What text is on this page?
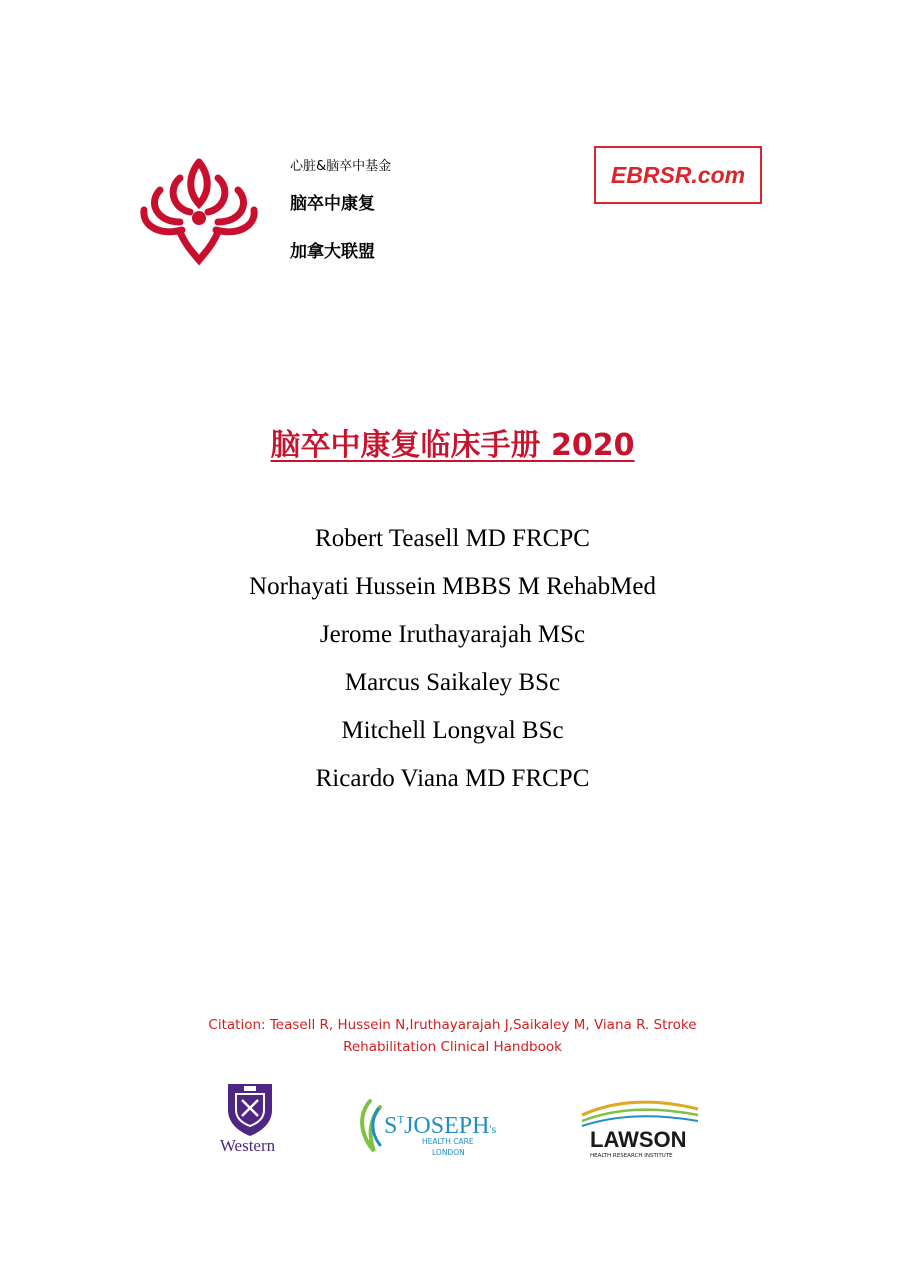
心脏&脑卒中基金
脑卒中康复
加拿大联盟
EBRSR.com
脑卒中康复临床手册 2020
Robert Teasell MD FRCPC
Norhayati Hussein MBBS M RehabMed
Jerome Iruthayarajah MSc
Marcus Saikaley BSc
Mitchell Longval BSc
Ricardo Viana MD FRCPC
Citation: Teasell R, Hussein N,Iruthayarajah J,Saikaley M, Viana R. Stroke
Rehabilitation Clinical Handbook
Western
$S^TJOSEPH's$
HEALTH CARE
LONDON
LAWSON
HEALTH RESEARCH INSTITUTE
